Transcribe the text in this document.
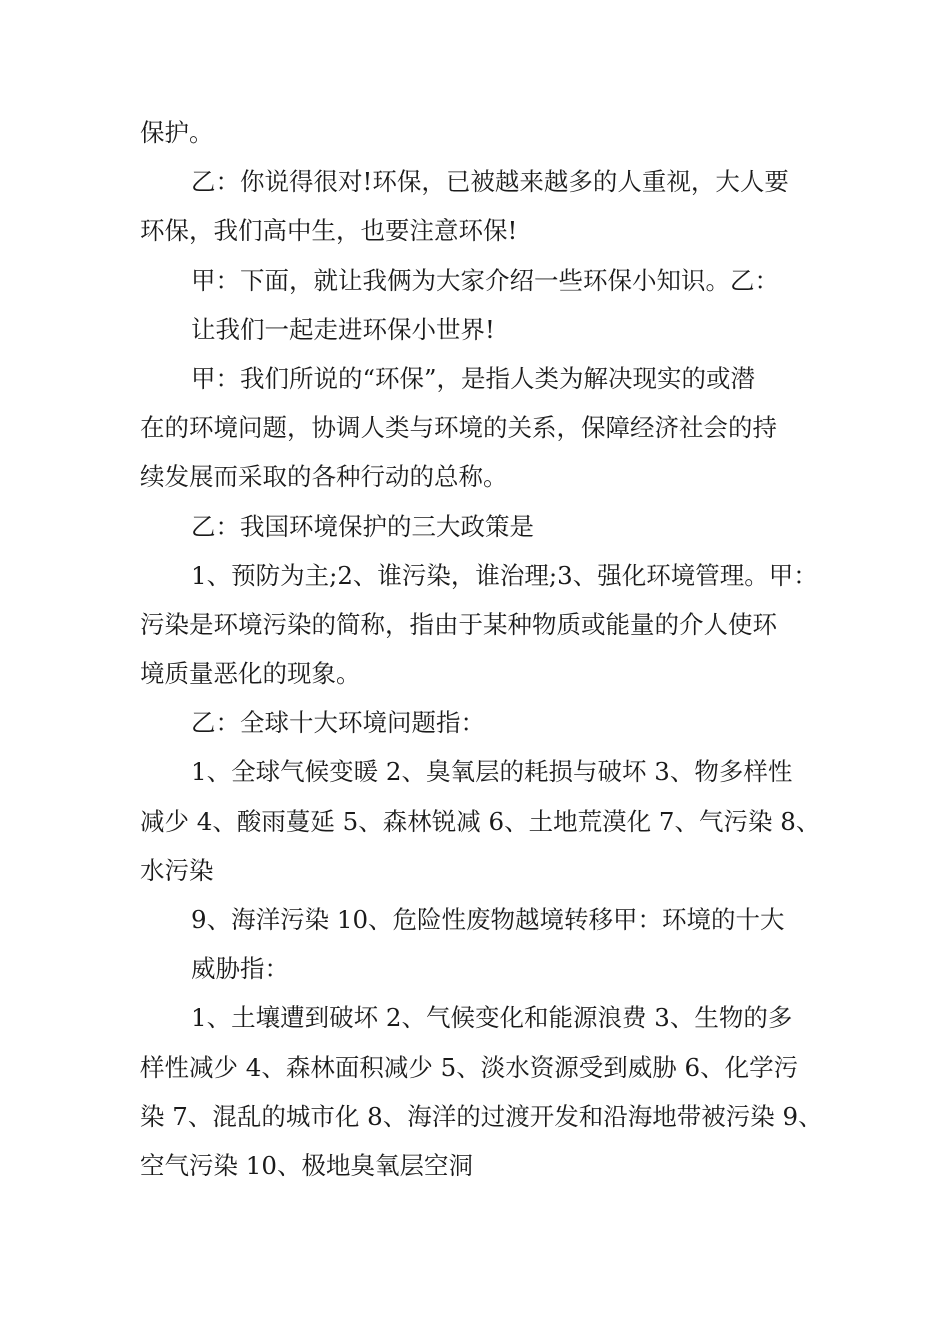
保护。
乙：你说得很对!环保，已被越来越多的人重视，大人要
环保，我们高中生，也要注意环保!
甲：下面，就让我俩为大家介绍一些环保小知识。乙：
让我们一起走进环保小世界!
甲：我们所说的“环保”，是指人类为解决现实的或潜
在的环境问题，协调人类与环境的关系，保障经济社会的持
续发展而采取的各种行动的总称。
乙：我国环境保护的三大政策是
1、预防为主;2、谁污染，谁治理;3、强化环境管理。甲：
污染是环境污染的简称，指由于某种物质或能量的介人使环
境质量恶化的现象。
乙：全球十大环境问题指：
1、全球气候变暖 2、臭氧层的耗损与破坏 3、物多样性
减少 4、酸雨蔓延 5、森林锐减 6、土地荒漠化 7、气污染 8、
水污染
9、海洋污染 10、危险性废物越境转移甲：环境的十大
威胁指：
1、土壤遭到破坏 2、气候变化和能源浪费 3、生物的多
样性减少 4、森林面积减少 5、淡水资源受到威胁 6、化学污
染 7、混乱的城市化 8、海洋的过渡开发和沿海地带被污染 9、
空气污染 10、极地臭氧层空洞
